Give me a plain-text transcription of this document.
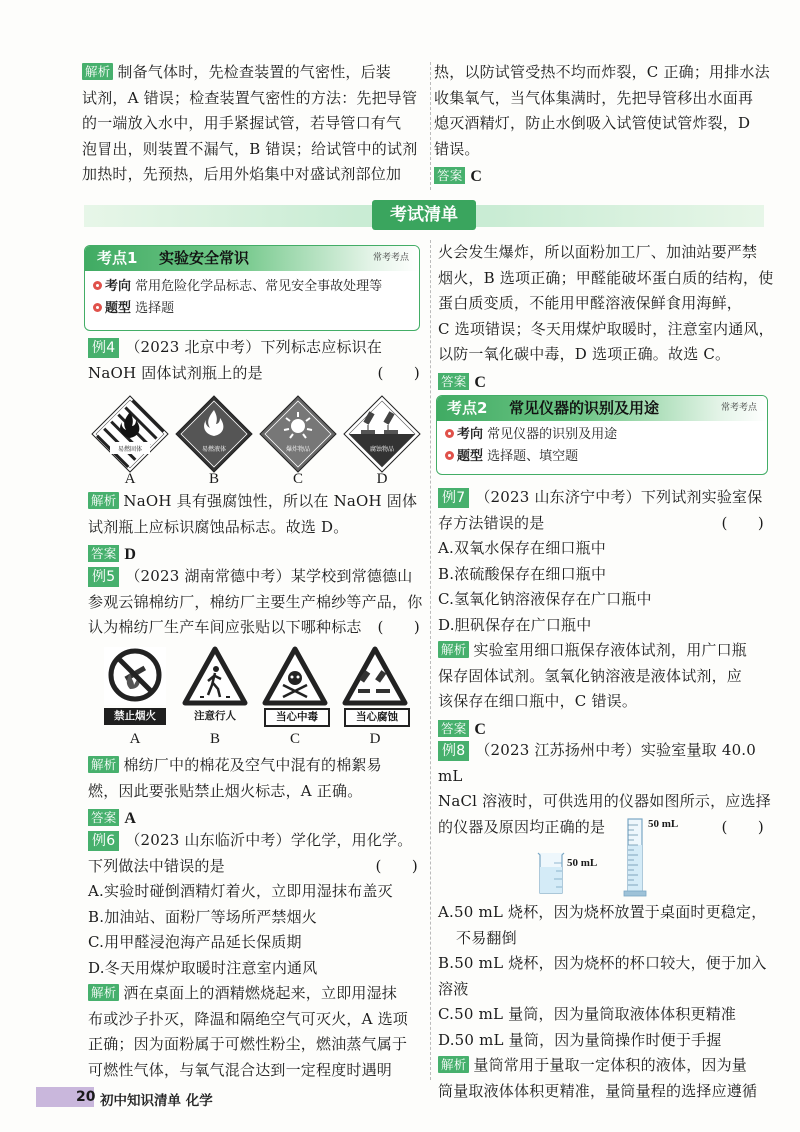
解析 制备气体时，先检查装置的气密性，后装
试剂，A 错误；检查装置气密性的方法：先把导管
的一端放入水中，用手紧握试管，若导管口有气
泡冒出，则装置不漏气，B 错误；给试管中的试剂
加热时，先预热，后用外焰集中对盛试剂部位加
热，以防试管受热不均而炸裂，C 正确；用排水法
收集氧气，当气体集满时，先把导管移出水面再
熄灭酒精灯，防止水倒吸入试管使试管炸裂，D
错误。
答案 C
考试清单
考点1 实验安全常识	常考考点
考向 常用危险化学品标志、常见安全事故处理等
题型 选择题
例4 （2023 北京中考）下列标志应标识在
NaOH 固体试剂瓶上的是	(　　)
易燃固体	易燃液体	爆炸物品	腐蚀物品
A	B	C	D
解析 NaOH 具有强腐蚀性，所以在 NaOH 固体
试剂瓶上应标识腐蚀品标志。故选 D。
答案 D
例5 （2023 湖南常德中考）某学校到常德德山
参观云锦棉纺厂，棉纺厂主要生产棉纱等产品，你
认为棉纺厂生产车间应张贴以下哪种标志 (　　)
禁止烟火	注意行人	当心中毒	当心腐蚀
A	B	C	D
解析 棉纺厂中的棉花及空气中混有的棉絮易
燃，因此要张贴禁止烟火标志，A 正确。
答案 A
例6 （2023 山东临沂中考）学化学，用化学。
下列做法中错误的是	(　　)
A.实验时碰倒酒精灯着火，立即用湿抹布盖灭
B.加油站、面粉厂等场所严禁烟火
C.用甲醛浸泡海产品延长保质期
D.冬天用煤炉取暖时注意室内通风
解析 洒在桌面上的酒精燃烧起来，立即用湿抹
布或沙子扑灭，降温和隔绝空气可灭火，A 选项
正确；因为面粉属于可燃性粉尘，燃油蒸气属于
可燃性气体，与氧气混合达到一定程度时遇明
火会发生爆炸，所以面粉加工厂、加油站要严禁
烟火，B 选项正确；甲醛能破坏蛋白质的结构，使
蛋白质变质，不能用甲醛溶液保鲜食用海鲜，
C 选项错误；冬天用煤炉取暖时，注意室内通风，
以防一氧化碳中毒，D 选项正确。故选 C。
答案 C
考点2 常见仪器的识别及用途	常考考点
考向 常见仪器的识别及用途
题型 选择题、填空题
例7 （2023 山东济宁中考）下列试剂实验室保
存方法错误的是	(　　)
A.双氧水保存在细口瓶中
B.浓硫酸保存在细口瓶中
C.氢氧化钠溶液保存在广口瓶中
D.胆矾保存在广口瓶中
解析 实验室用细口瓶保存液体试剂，用广口瓶
保存固体试剂。氢氧化钠溶液是液体试剂，应
该保存在细口瓶中，C 错误。
答案 C
例8 （2023 江苏扬州中考）实验室量取 40.0 mL
NaCl 溶液时，可供选用的仪器如图所示，应选择
的仪器及原因均正确的是	(　　)
50 mL
50 mL
A.50 mL 烧杯，因为烧杯放置于桌面时更稳定，
不易翻倒
B.50 mL 烧杯，因为烧杯的杯口较大，便于加入溶液
C.50 mL 量筒，因为量筒取液体体积更精准
D.50 mL 量筒，因为量筒操作时便于手握
解析 量筒常用于量取一定体积的液体，因为量
筒量取液体体积更精准，量筒量程的选择应遵循
20 初中知识清单 化学
